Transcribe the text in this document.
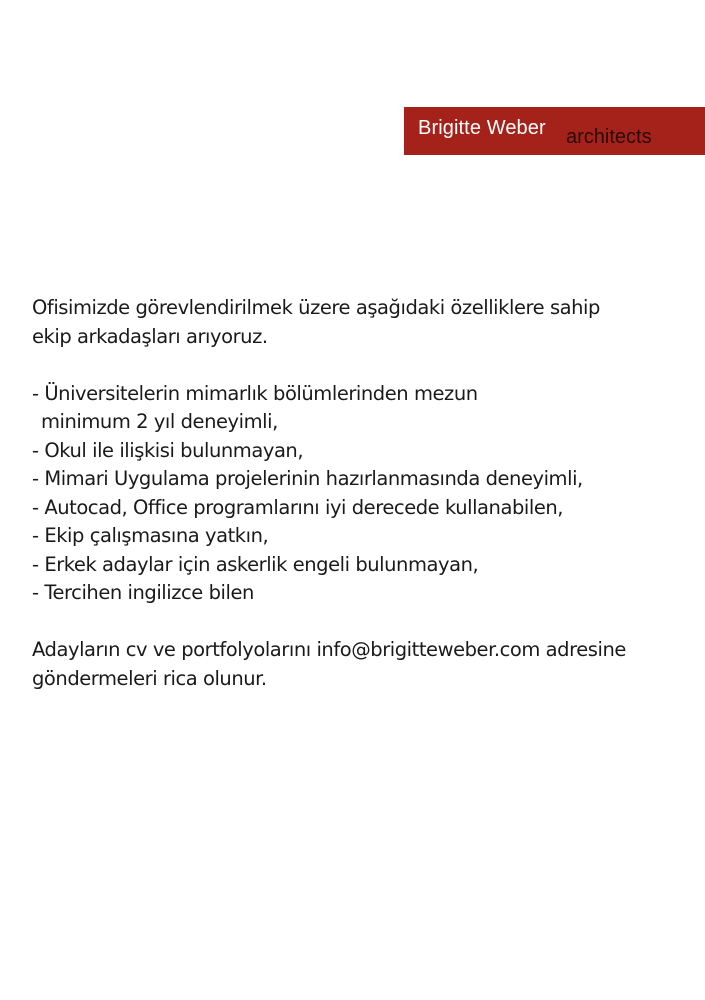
Brigitte Weber architects

Ofisimizde görevlendirilmek üzere aşağıdaki özelliklere sahip
ekip arkadaşları arıyoruz.

- Üniversitelerin mimarlık bölümlerinden mezun
minimum 2 yıl deneyimli,
- Okul ile ilişkisi bulunmayan,
- Mimari Uygulama projelerinin hazırlanmasında deneyimli,
- Autocad, Office programlarını iyi derecede kullanabilen,
- Ekip çalışmasına yatkın,
- Erkek adaylar için askerlik engeli bulunmayan,
- Tercihen ingilizce bilen

Adayların cv ve portfolyolarını info@brigitteweber.com adresine
göndermeleri rica olunur.
